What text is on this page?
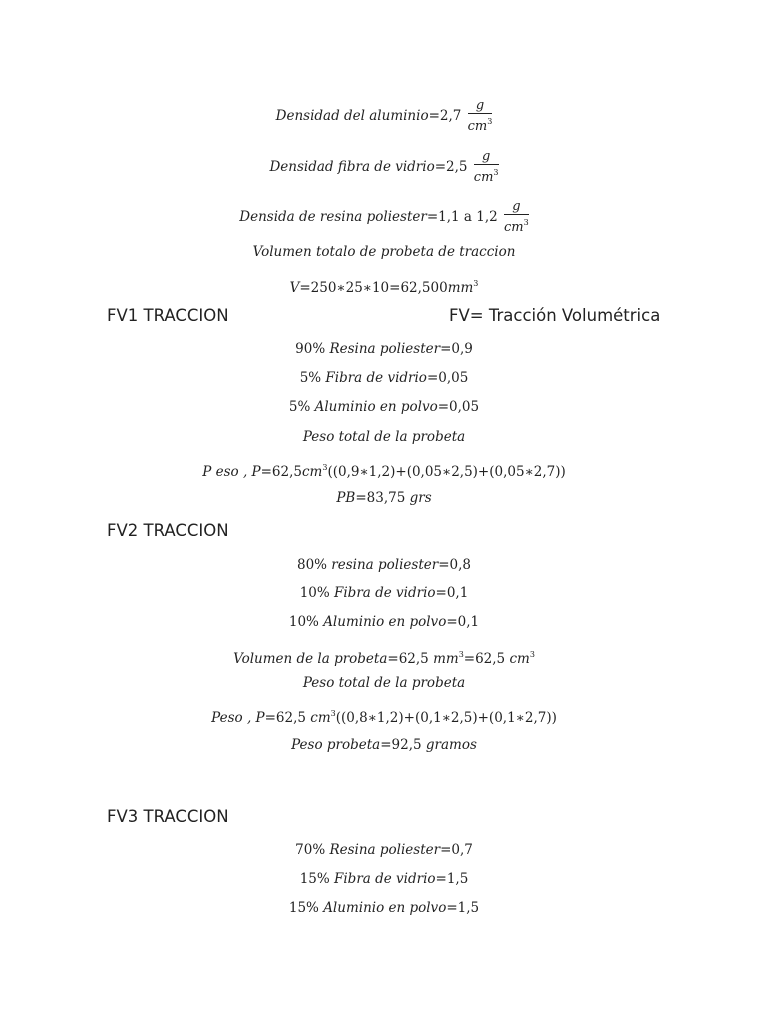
Densidad del aluminio=2,7 $\frac{g}{cm^3}$
Densidad fibra de vidrio=2,5 $\frac{g}{cm^3}$
Densida de resina poliester=1,1 a $1,2 \frac{g}{cm^3}$
Volumen totalo de probeta de traccion
$V=250∗25∗10=62,500mm^3$
FV1 TRACCION	FV= Tracción Volumétrica
90% Resina poliester=0,9
5% Fibra de vidrio=0,05
5% Aluminio en polvo=0,05
Peso total de la probeta
P eso , $P=62,5cm^3((0,9∗1,2)+(0,05∗2,5)+(0,05∗2,7))$
PB=83,75 grs
FV2 TRACCION
80% resina poliester=0,8
10% Fibra de vidrio=0,1
10% Aluminio en polvo=0,1
Volumen de la probeta=62,5 $mm^3=62,5$ $cm^3$
Peso total de la probeta
Peso , P=62,5 $cm^3((0,8∗1,2)+(0,1∗2,5)+(0,1∗2,7))$
Peso probeta=92,5 gramos
FV3 TRACCION
70% Resina poliester=0,7
15% Fibra de vidrio=1,5
15% Aluminio en polvo=1,5
